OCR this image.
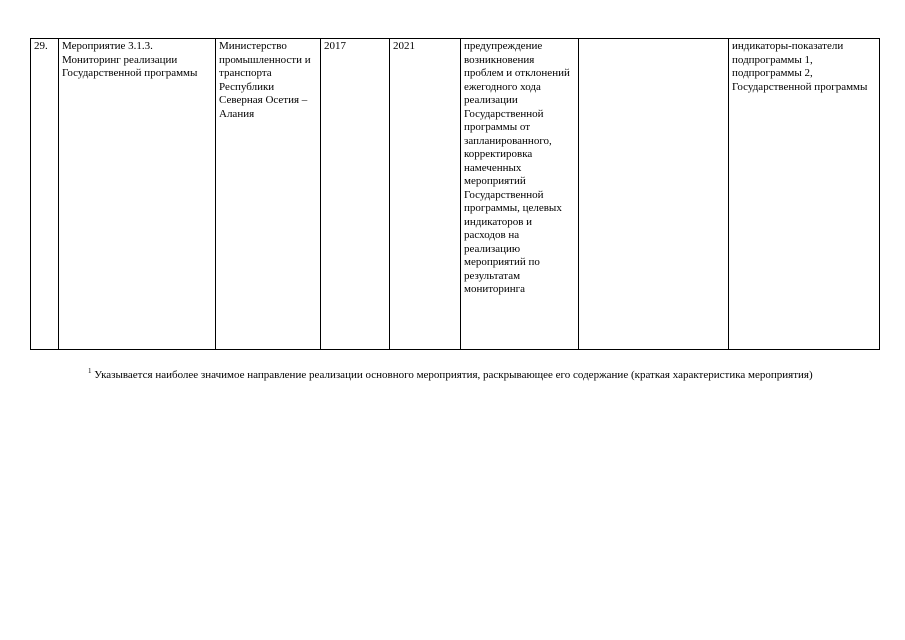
29.	Мероприятие 3.1.3. Мониторинг реализации Государственной программы	Министерство промышленности и транспорта Республики Северная Осетия – Алания	2017	2021	предупреждение возникновения проблем и отклонений ежегодного хода реализации Государственной программы от запланированного, корректировка намеченных мероприятий Государственной программы, целевых индикаторов и расходов на реализацию мероприятий по результатам мониторинга		индикаторы-показатели подпрограммы 1, подпрограммы 2, Государственной программы
$^1$ Указывается наиболее значимое направление реализации основного мероприятия, раскрывающее его содержание (краткая характеристика мероприятия)
